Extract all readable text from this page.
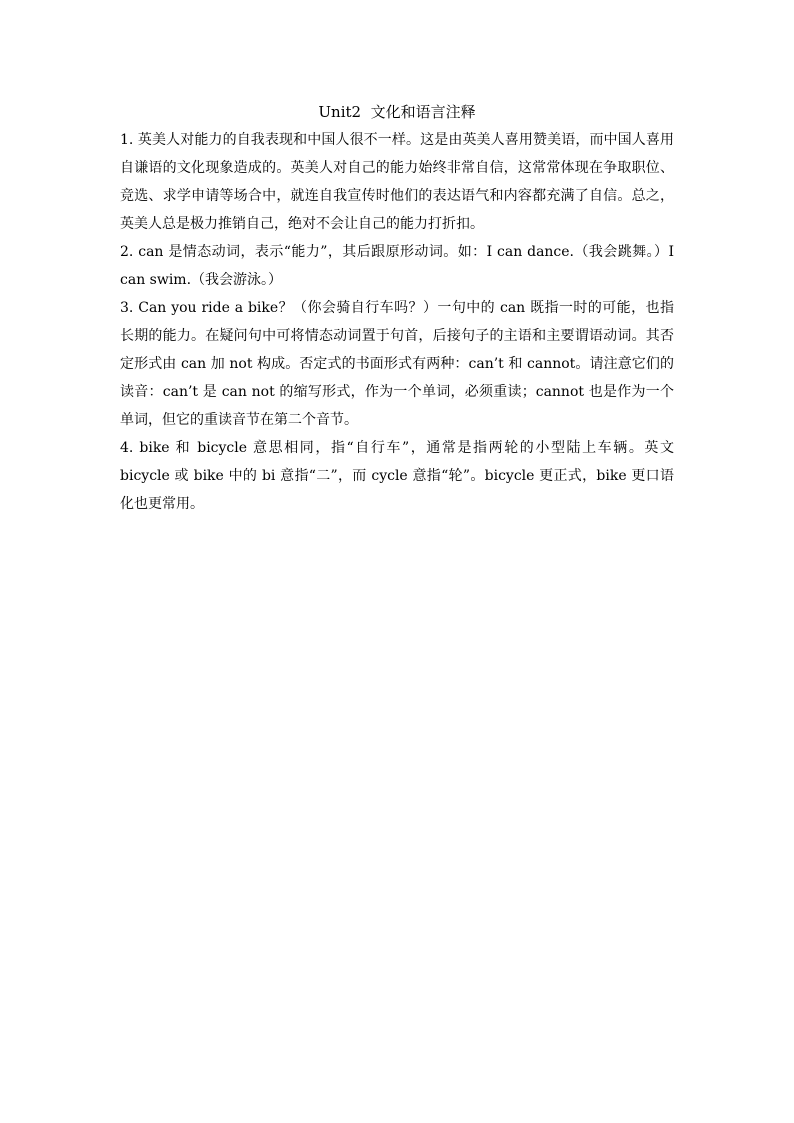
Unit2  文化和语言注释

1. 英美人对能力的自我表现和中国人很不一样。这是由英美人喜用赞美语，而中国人喜用自谦语的文化现象造成的。英美人对自己的能力始终非常自信，这常常体现在争取职位、竞选、求学申请等场合中，就连自我宣传时他们的表达语气和内容都充满了自信。总之，英美人总是极力推销自己，绝对不会让自己的能力打折扣。

2. can 是情态动词，表示“能力”，其后跟原形动词。如：I can dance.（我会跳舞。）I can swim.（我会游泳。）

3. Can you ride a bike？（你会骑自行车吗？）一句中的 can 既指一时的可能，也指长期的能力。在疑问句中可将情态动词置于句首，后接句子的主语和主要谓语动词。其否定形式由 can 加 not 构成。否定式的书面形式有两种：can’t 和 cannot。请注意它们的读音：can’t 是 can not 的缩写形式，作为一个单词，必须重读；cannot 也是作为一个单词，但它的重读音节在第二个音节。

4. bike 和 bicycle 意思相同，指“自行车”，通常是指两轮的小型陆上车辆。英文 bicycle 或 bike 中的 bi 意指“二”，而 cycle 意指“轮”。bicycle 更正式，bike 更口语化也更常用。
